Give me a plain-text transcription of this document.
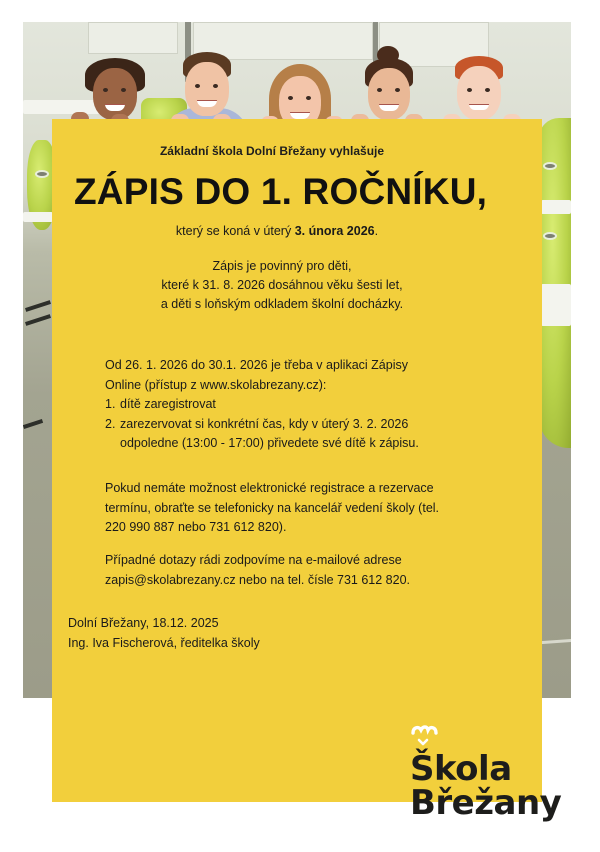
Základní škola Dolní Břežany vyhlašuje
ZÁPIS DO 1. ROČNÍKU,
který se koná v úterý 3. února 2026.
Zápis je povinný pro děti,
které k 31. 8. 2026 dosáhnou věku šesti let,
a děti s loňským odkladem školní docházky.
Od 26. 1. 2026 do 30.1. 2026 je třeba v aplikaci Zápisy
Online (přístup z www.skolabrezany.cz):
1. dítě zaregistrovat
2. zarezervovat si konkrétní čas, kdy v úterý 3. 2. 2026 odpoledne (13:00 - 17:00) přivedete své dítě k zápisu.
Pokud nemáte možnost elektronické registrace a rezervace
termínu, obraťte se telefonicky na kancelář vedení školy (tel.
220 990 887 nebo 731 612 820).
Případné dotazy rádi zodpovíme na e-mailové adrese
zapis@skolabrezany.cz nebo na tel. čísle 731 612 820.
Dolní Břežany, 18.12. 2025
Ing. Iva Fischerová, ředitelka školy
Škola
Břežany
